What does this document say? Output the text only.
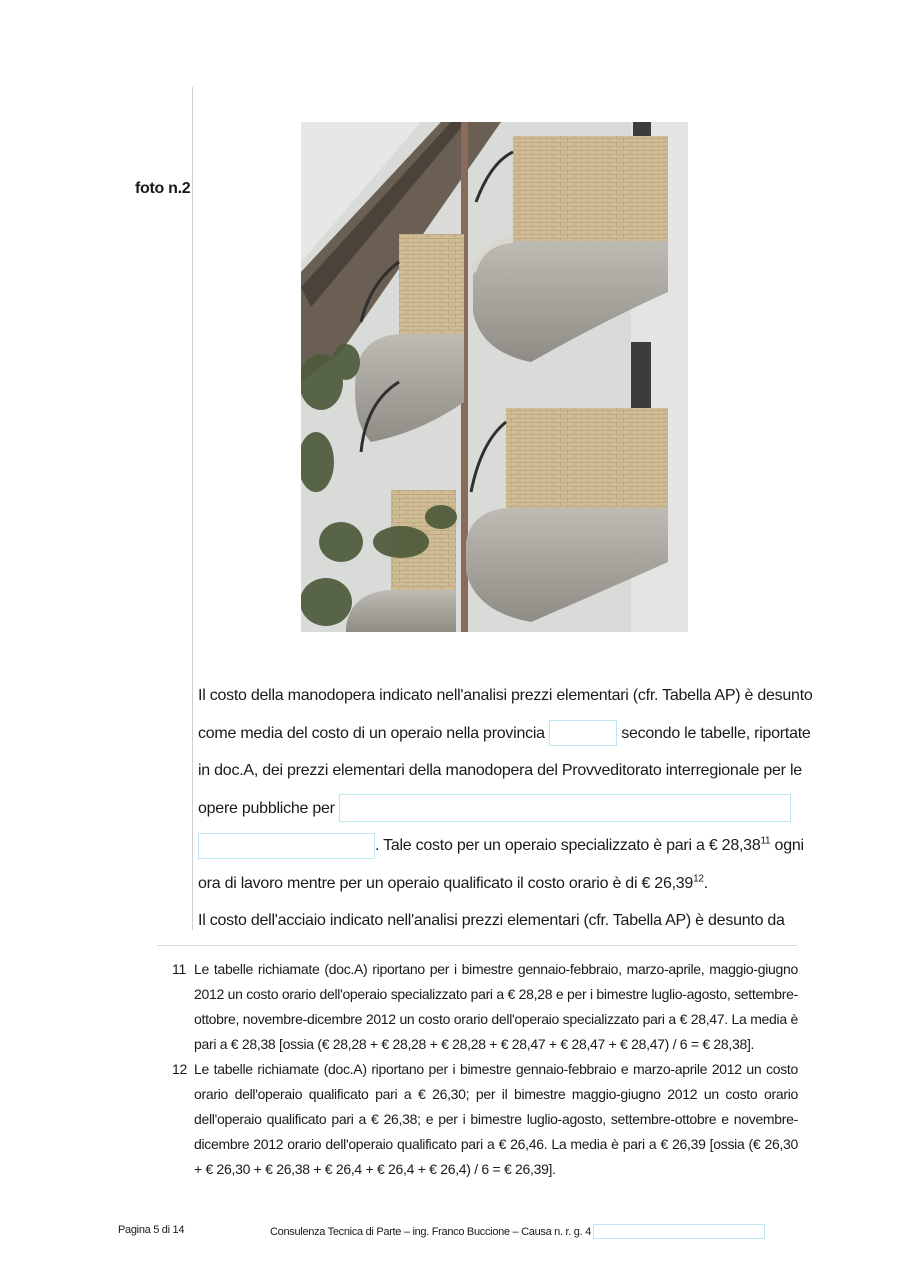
foto n.2
Il costo della manodopera indicato nell'analisi prezzi elementari (cfr. Tabella AP) è desunto
come media del costo di un operaio nella provincia	secondo le tabelle, riportate
in doc.A, dei prezzi elementari della manodopera del Provveditorato interregionale per le
opere pubbliche per
. Tale costo per un operaio specializzato è pari a € 28,38$^{11}$ ogni
ora di lavoro mentre per un operaio qualificato il costo orario è di € 26,39$^{12}$.
Il costo dell'acciaio indicato nell'analisi prezzi elementari (cfr. Tabella AP) è desunto da
11 Le tabelle richiamate (doc.A) riportano per i bimestre gennaio-febbraio, marzo-aprile, maggio-giugno 2012 un costo orario dell'operaio specializzato pari a € 28,28 e per i bimestre luglio-agosto, settembre-ottobre, novembre-dicembre 2012 un costo orario dell'operaio specializzato pari a € 28,47. La media è pari a € 28,38 [ossia (€ 28,28 + € 28,28 + € 28,28 + € 28,47 + € 28,47 + € 28,47) / 6 = € 28,38].
12 Le tabelle richiamate (doc.A) riportano per i bimestre gennaio-febbraio e marzo-aprile 2012 un costo orario dell'operaio qualificato pari a € 26,30; per il bimestre maggio-giugno 2012 un costo orario dell'operaio qualificato pari a € 26,38; e per i bimestre luglio-agosto, settembre-ottobre e novembre-dicembre 2012 orario dell'operaio qualificato pari a € 26,46. La media è pari a € 26,39 [ossia (€ 26,30 + € 26,30 + € 26,38 + € 26,4 + € 26,4 + € 26,4) / 6 = € 26,39].
Pagina 5 di 14	Consulenza Tecnica di Parte – ing. Franco Buccione – Causa n. r. g. 4
